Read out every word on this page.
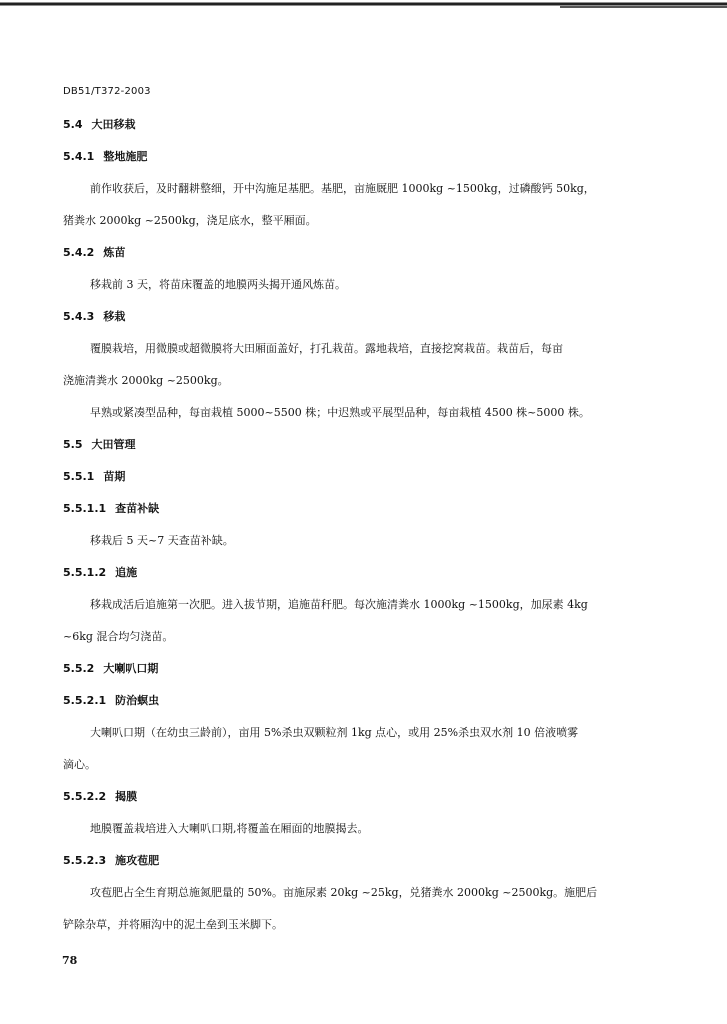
DB51/T372-2003
5.4 大田移栽
5.4.1 整地施肥
前作收获后，及时翻耕整细，开中沟施足基肥。基肥，亩施厩肥 1000kg ~1500kg，过磷酸钙 50kg，
猪粪水 2000kg ~2500kg，浇足底水，整平厢面。
5.4.2 炼苗
移栽前 3 天，将苗床覆盖的地膜两头揭开通风炼苗。
5.4.3 移栽
覆膜栽培，用微膜或超微膜将大田厢面盖好，打孔栽苗。露地栽培，直接挖窝栽苗。栽苗后，每亩
浇施清粪水 2000kg ~2500kg。
早熟或紧凑型品种，每亩栽植 5000~5500 株；中迟熟或平展型品种，每亩栽植 4500 株~5000 株。
5.5 大田管理
5.5.1 苗期
5.5.1.1 查苗补缺
移栽后 5 天~7 天查苗补缺。
5.5.1.2 追施
移栽成活后追施第一次肥。进入拔节期，追施苗秆肥。每次施清粪水 1000kg ~1500kg，加尿素 4kg
~6kg 混合均匀浇苗。
5.5.2 大喇叭口期
5.5.2.1 防治螟虫
大喇叭口期（在幼虫三龄前），亩用 5%杀虫双颗粒剂 1kg 点心，或用 25%杀虫双水剂 10 倍液喷雾
滴心。
5.5.2.2 揭膜
地膜覆盖栽培进入大喇叭口期,将覆盖在厢面的地膜揭去。
5.5.2.3 施攻苞肥
攻苞肥占全生育期总施氮肥量的 50%。亩施尿素 20kg ~25kg，兑猪粪水 2000kg ~2500kg。施肥后
铲除杂草，并将厢沟中的泥土垒到玉米脚下。
78
